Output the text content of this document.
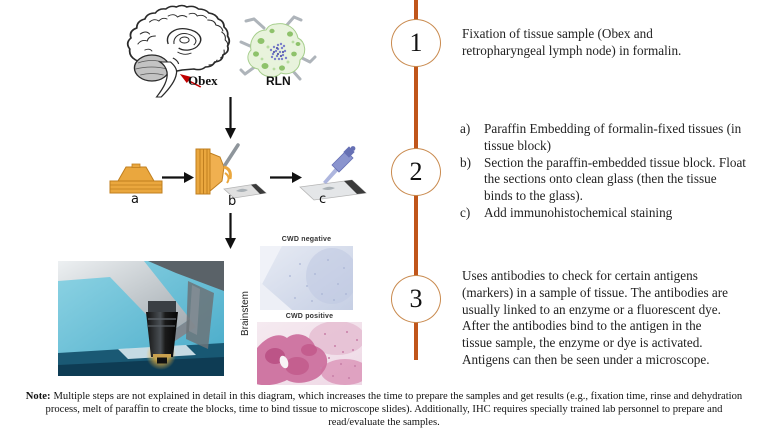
Obex	RLN
a	b	c
CWD negative
Brainstem	CWD positive
1
2
3
Fixation of tissue sample (Obex and retropharyngeal lymph node) in formalin.
a)	Paraffin Embedding of formalin-fixed tissues (in tissue block)
b) Section the paraffin-embedded tissue block. Float the sections onto clean glass (then the tissue binds to the glass).
c)	Add immunohistochemical staining
Uses antibodies to check for certain antigens (markers) in a sample of tissue. The antibodies are usually linked to an enzyme or a fluorescent dye. After the antibodies bind to the antigen in the tissue sample, the enzyme or dye is activated. Antigens can then be seen under a microscope.
Note: Multiple steps are not explained in detail in this diagram, which increases the time to prepare the samples and get results (e.g., fixation time, rinse and dehydration process, melt of paraffin to create the blocks, time to bind tissue to microscope slides). Additionally, IHC requires specially trained lab personnel to prepare and read/evaluate the samples.
